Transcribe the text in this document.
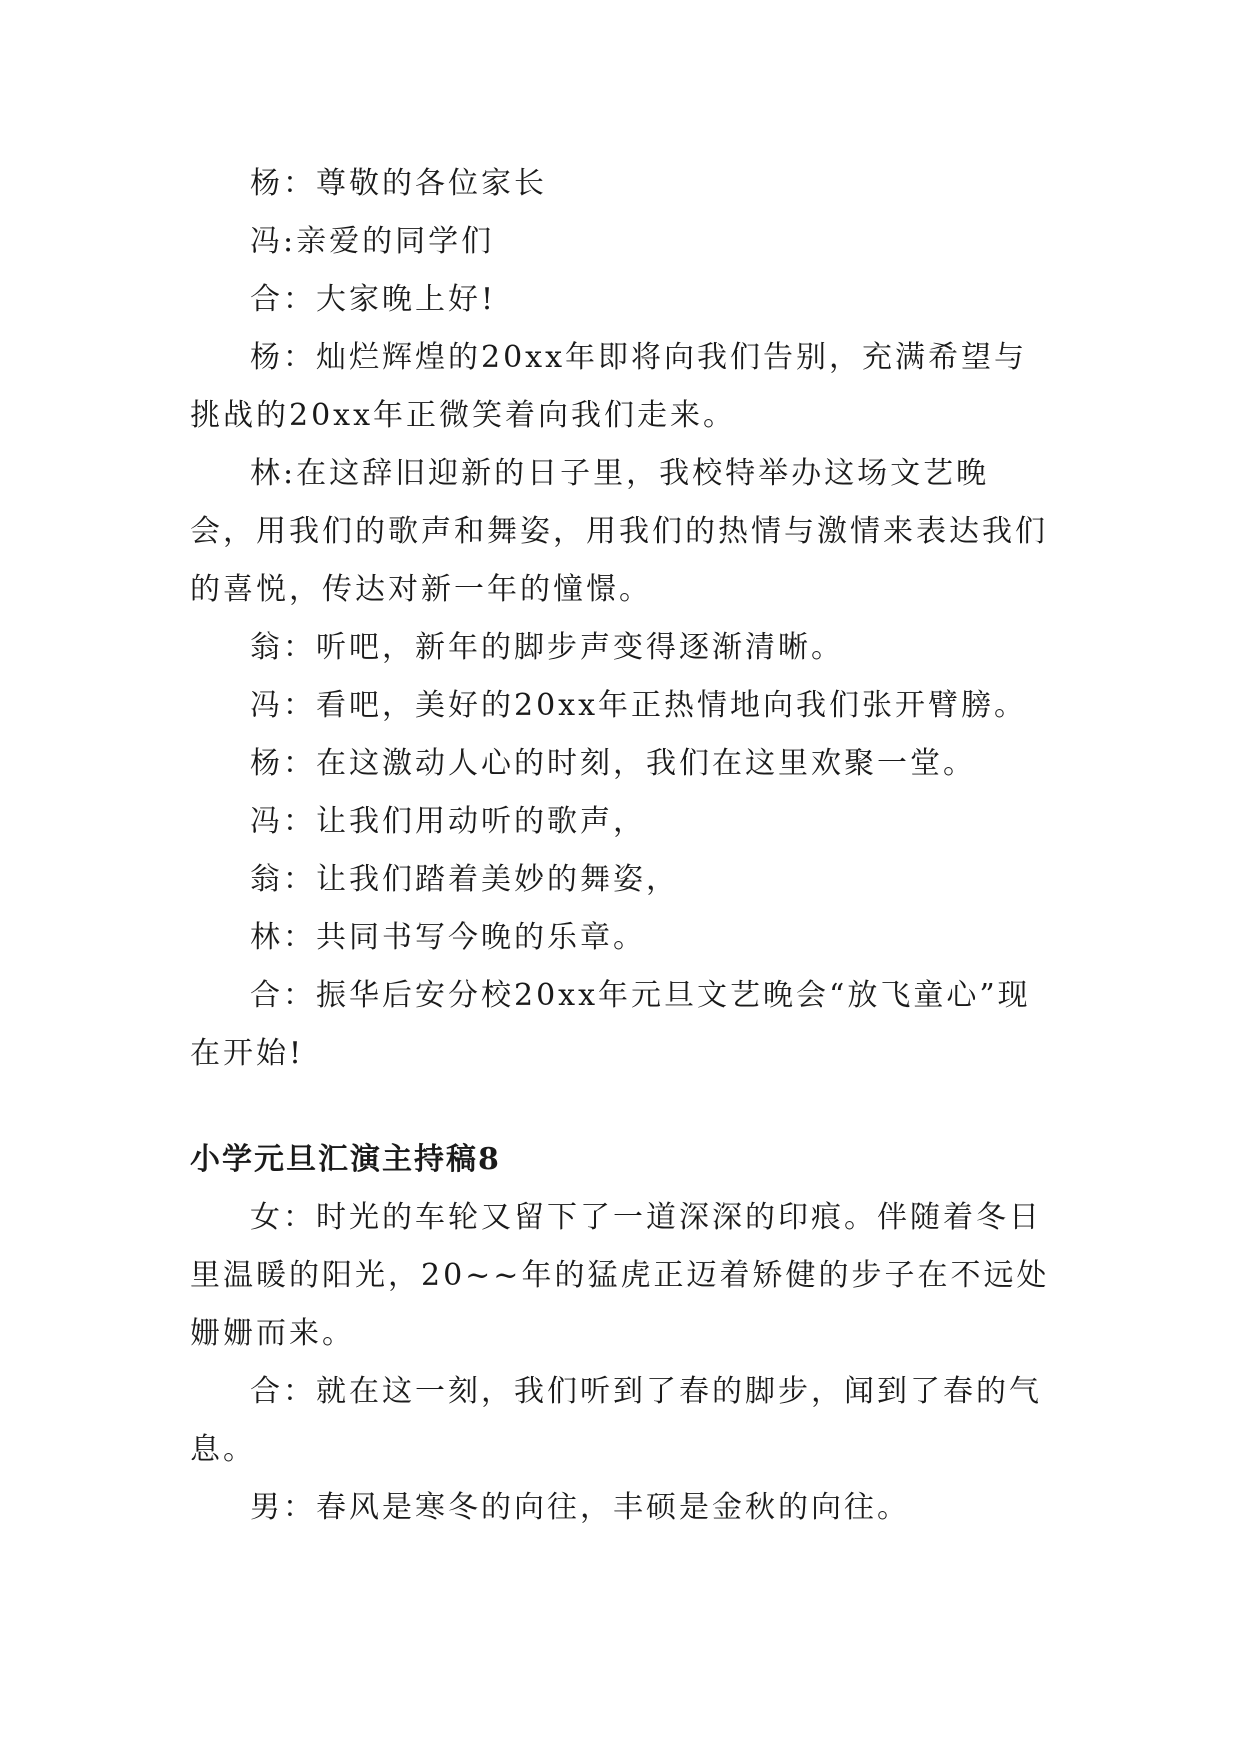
杨：尊敬的各位家长

冯:亲爱的同学们

合：大家晚上好!

杨：灿烂辉煌的20xx年即将向我们告别，充满希望与挑战的20xx年正微笑着向我们走来。

林:在这辞旧迎新的日子里，我校特举办这场文艺晚会，用我们的歌声和舞姿，用我们的热情与激情来表达我们的喜悦，传达对新一年的憧憬。

翁：听吧，新年的脚步声变得逐渐清晰。

冯：看吧，美好的20xx年正热情地向我们张开臂膀。

杨：在这激动人心的时刻，我们在这里欢聚一堂。

冯：让我们用动听的歌声，

翁：让我们踏着美妙的舞姿，

林：共同书写今晚的乐章。

合：振华后安分校20xx年元旦文艺晚会“放飞童心”现在开始!

小学元旦汇演主持稿8

女：时光的车轮又留下了一道深深的印痕。伴随着冬日里温暖的阳光，20~~年的猛虎正迈着矫健的步子在不远处姗姗而来。

合：就在这一刻，我们听到了春的脚步，闻到了春的气息。

男：春风是寒冬的向往，丰硕是金秋的向往。
